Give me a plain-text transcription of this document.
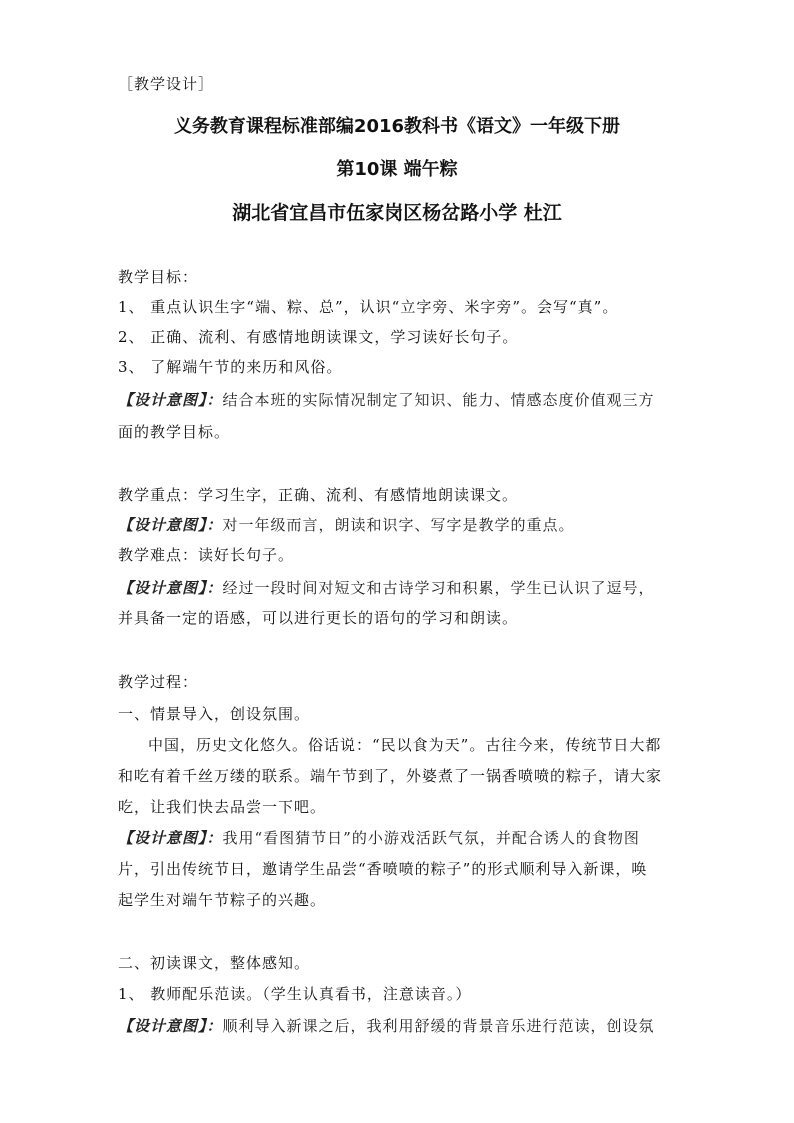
［教学设计］
义务教育课程标准部编2016教科书《语文》一年级下册
第10课 端午粽
湖北省宜昌市伍家岗区杨岔路小学 杜江
教学目标：
1、 重点认识生字“端、粽、总”，认识“立字旁、米字旁”。会写“真”。
2、 正确、流利、有感情地朗读课文，学习读好长句子。
3、 了解端午节的来历和风俗。
【设计意图】：结合本班的实际情况制定了知识、能力、情感态度价值观三方
面的教学目标。
教学重点：学习生字，正确、流利、有感情地朗读课文。
【设计意图】：对一年级而言，朗读和识字、写字是教学的重点。
教学难点：读好长句子。
【设计意图】：经过一段时间对短文和古诗学习和积累，学生已认识了逗号，
并具备一定的语感，可以进行更长的语句的学习和朗读。
教学过程：
一、情景导入，创设氛围。
中国，历史文化悠久。俗话说：“民以食为天”。古往今来，传统节日大都
和吃有着千丝万缕的联系。端午节到了，外婆煮了一锅香喷喷的粽子，请大家
吃，让我们快去品尝一下吧。
【设计意图】：我用“看图猜节日”的小游戏活跃气氛，并配合诱人的食物图
片，引出传统节日，邀请学生品尝“香喷喷的粽子”的形式顺利导入新课，唤
起学生对端午节粽子的兴趣。
二、初读课文，整体感知。
1、 教师配乐范读。（学生认真看书，注意读音。）
【设计意图】：顺利导入新课之后，我利用舒缓的背景音乐进行范读，创设氛
